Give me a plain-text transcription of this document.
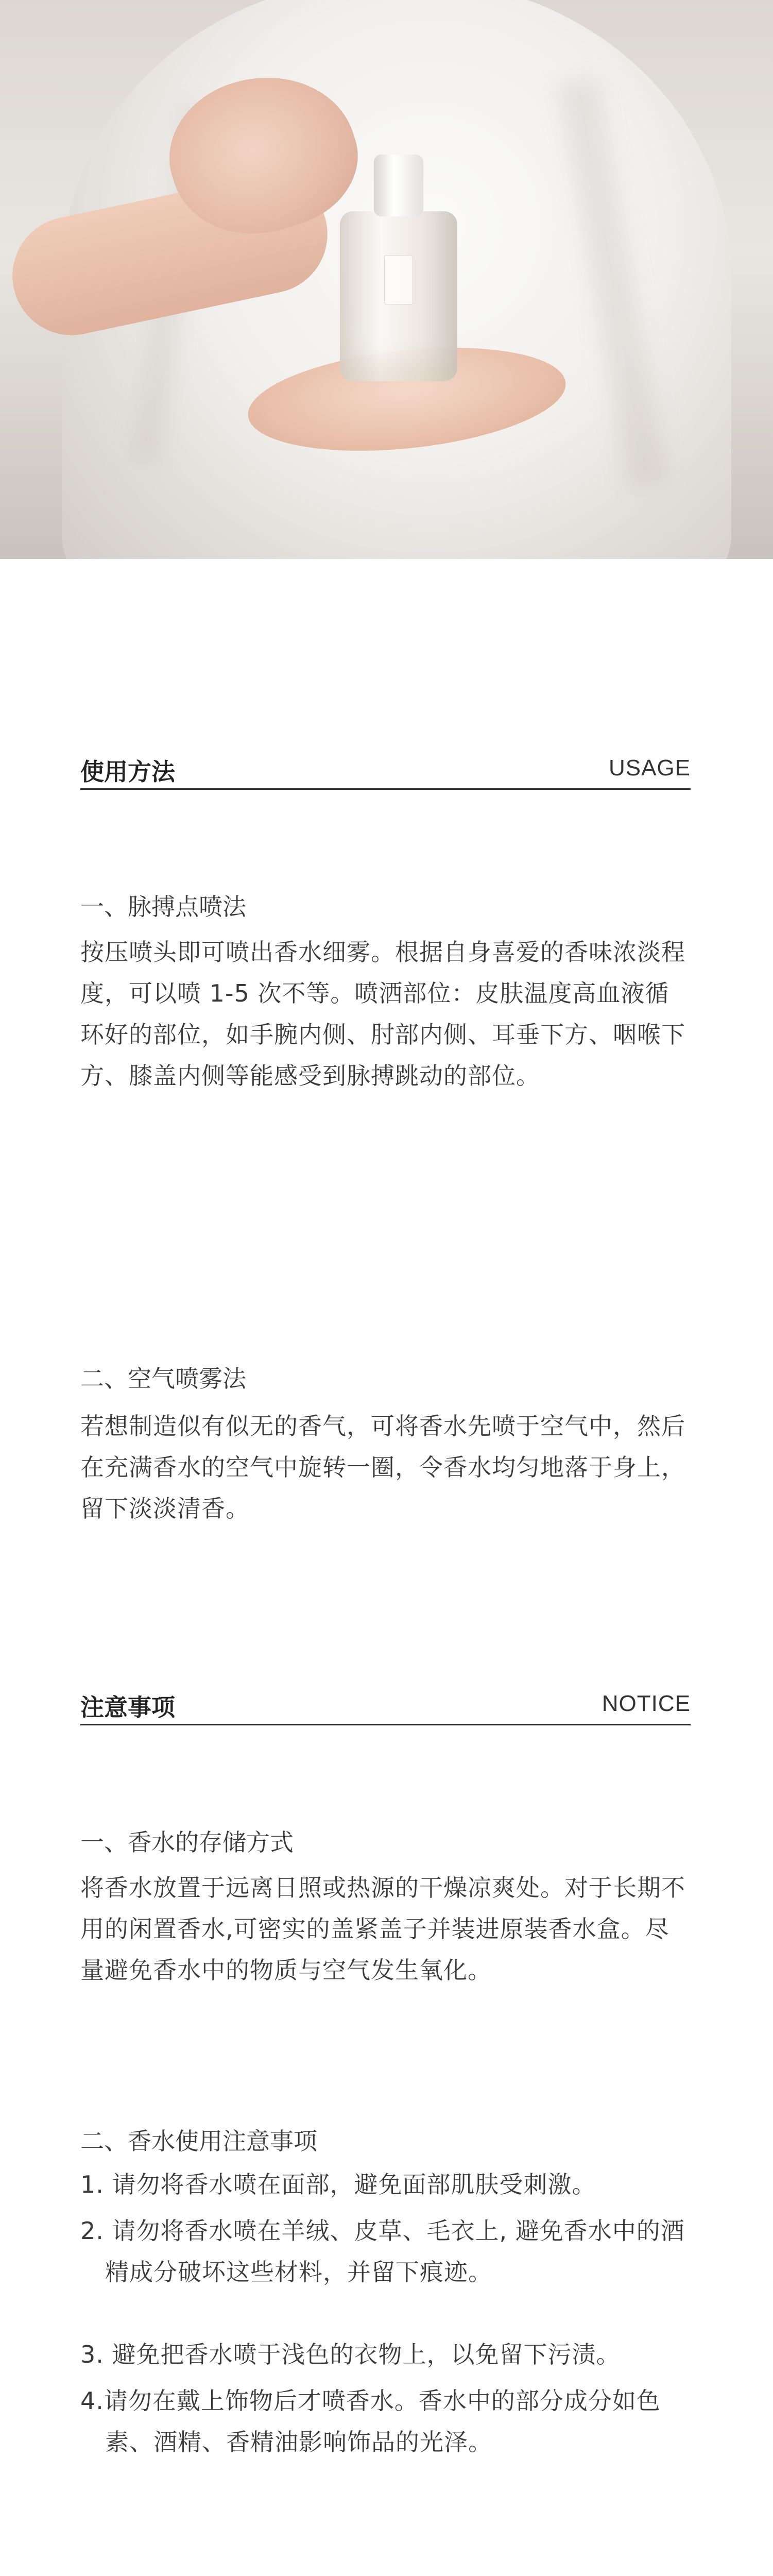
使用方法	USAGE
一、脉搏点喷法
按压喷头即可喷出香水细雾。根据自身喜爱的香味浓淡程度，可以喷 1-5 次不等。喷洒部位：皮肤温度高血液循环好的部位，如手腕内侧、肘部内侧、耳垂下方、咽喉下方、膝盖内侧等能感受到脉搏跳动的部位。
二、空气喷雾法
若想制造似有似无的香气，可将香水先喷于空气中，然后在充满香水的空气中旋转一圈，令香水均匀地落于身上，留下淡淡清香。
注意事项	NOTICE
一、香水的存储方式
将香水放置于远离日照或热源的干燥凉爽处。对于长期不用的闲置香水,可密实的盖紧盖子并装进原装香水盒。尽量避免香水中的物质与空气发生氧化。
二、香水使用注意事项
1. 请勿将香水喷在面部，避免面部肌肤受刺激。
2. 请勿将香水喷在羊绒、皮草、毛衣上, 避免香水中的酒精成分破坏这些材料，并留下痕迹。
3. 避免把香水喷于浅色的衣物上，以免留下污渍。
4.请勿在戴上饰物后才喷香水。香水中的部分成分如色素、酒精、香精油影响饰品的光泽。
